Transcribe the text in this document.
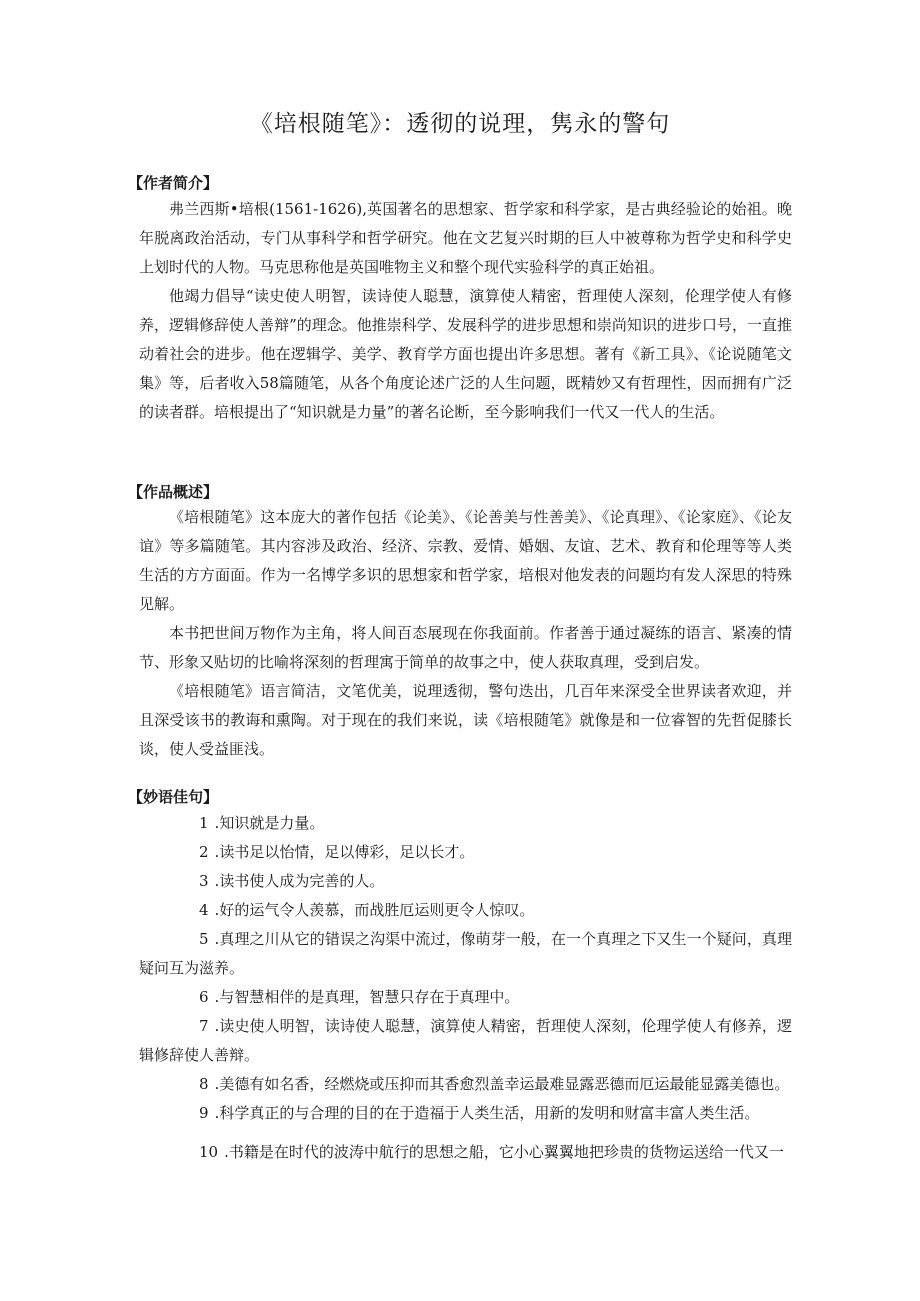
《培根随笔》：透彻的说理，隽永的警句
【作者简介】

弗兰西斯•培根(1561-1626),英国著名的思想家、哲学家和科学家，是古典经验论的始祖。晚年脱离政治活动，专门从事科学和哲学研究。他在文艺复兴时期的巨人中被尊称为哲学史和科学史上划时代的人物。马克思称他是英国唯物主义和整个现代实验科学的真正始祖。

他竭力倡导“读史使人明智，读诗使人聪慧，演算使人精密，哲理使人深刻，伦理学使人有修养，逻辑修辞使人善辩”的理念。他推崇科学、发展科学的进步思想和崇尚知识的进步口号，一直推动着社会的进步。他在逻辑学、美学、教育学方面也提出许多思想。著有《新工具》、《论说随笔文集》等，后者收入58篇随笔，从各个角度论述广泛的人生问题，既精妙又有哲理性，因而拥有广泛的读者群。培根提出了“知识就是力量”的著名论断，至今影响我们一代又一代人的生活。

【作品概述】

《培根随笔》这本庞大的著作包括《论美》、《论善美与性善美》、《论真理》、《论家庭》、《论友谊》等多篇随笔。其内容涉及政治、经济、宗教、爱情、婚姻、友谊、艺术、教育和伦理等等人类生活的方方面面。作为一名博学多识的思想家和哲学家，培根对他发表的问题均有发人深思的特殊见解。

本书把世间万物作为主角，将人间百态展现在你我面前。作者善于通过凝练的语言、紧凑的情节、形象又贴切的比喻将深刻的哲理寓于简单的故事之中，使人获取真理，受到启发。

《培根随笔》语言简洁，文笔优美，说理透彻，警句迭出，几百年来深受全世界读者欢迎，并且深受该书的教诲和熏陶。对于现在的我们来说，读《培根随笔》就像是和一位睿智的先哲促膝长谈，使人受益匪浅。

【妙语佳句】

1 .知识就是力量。

2 .读书足以怡情，足以傅彩，足以长才。

3 .读书使人成为完善的人。

4 .好的运气令人羡慕，而战胜厄运则更令人惊叹。

5 .真理之川从它的错误之沟渠中流过，像萌芽一般，在一个真理之下又生一个疑问，真理疑问互为滋养。

6 .与智慧相伴的是真理，智慧只存在于真理中。

7 .读史使人明智，读诗使人聪慧，演算使人精密，哲理使人深刻，伦理学使人有修养，逻辑修辞使人善辩。

8 .美德有如名香，经燃烧或压抑而其香愈烈盖幸运最难显露恶德而厄运最能显露美德也。

9 .科学真正的与合理的目的在于造福于人类生活，用新的发明和财富丰富人类生活。

10 .书籍是在时代的波涛中航行的思想之船，它小心翼翼地把珍贵的货物运送给一代又一
